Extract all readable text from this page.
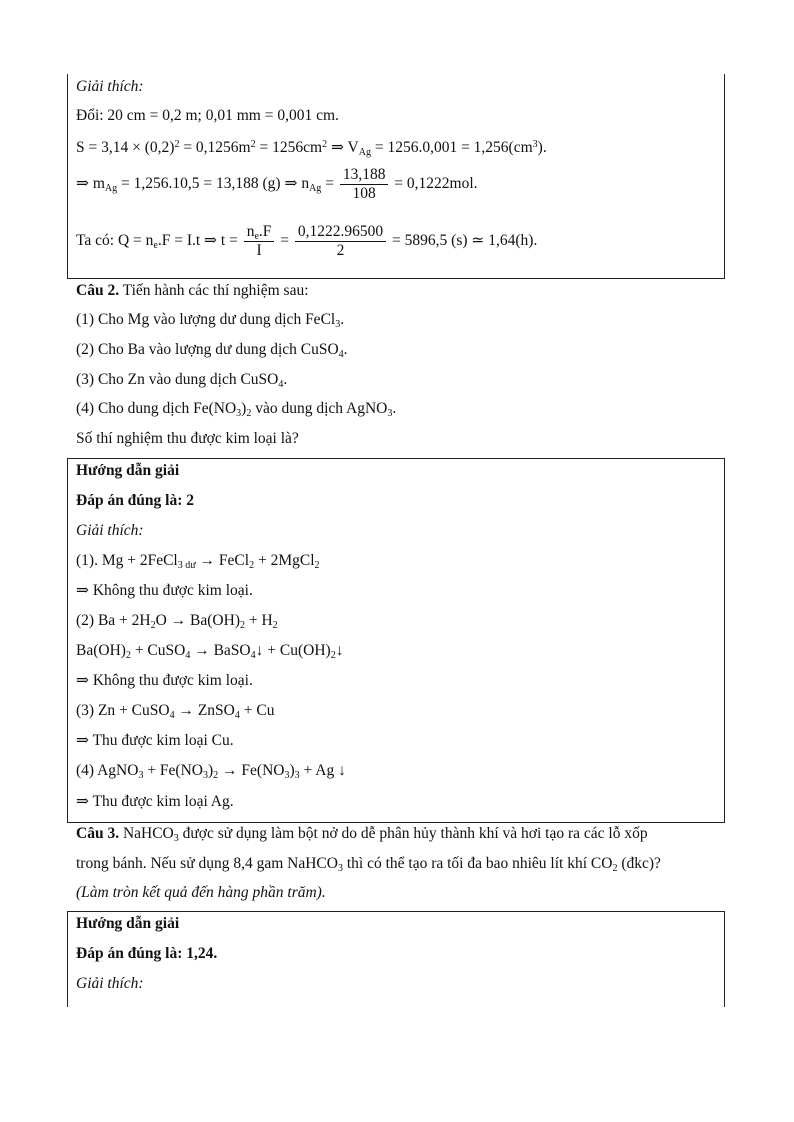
Giải thích:
Đổi: 20 cm = 0,2 m; 0,01 mm = 0,001 cm.
$S = 3,14 \times (0,2)^2 = 0,1256m^2 = 1256cm^2$ ⇒ $V_{Ag} = 1256.0,001 = 1,256(cm^3)$.
⇒ $m_{Ag} = 1,256.10,5 = 13,188$ (g) ⇒ $n_{Ag} = \frac{13,188}{108} = 0,1222mol$.
Ta có: $Q = n_e.F = I.t$ ⇒ $t = \frac{n_e.F}{I} = \frac{0,1222.96500}{2} = 5896,5$ (s) ≃ 1,64(h).
Câu 2. Tiến hành các thí nghiệm sau:
(1) Cho Mg vào lượng dư dung dịch FeCl$_3$.
(2) Cho Ba vào lượng dư dung dịch CuSO$_4$.
(3) Cho Zn vào dung dịch CuSO$_4$.
(4) Cho dung dịch $Fe(NO_3)_2$ vào dung dịch AgNO$_3$.
Số thí nghiệm thu được kim loại là?
Hướng dẫn giải
Đáp án đúng là: 2
Giải thích:
(1). Mg + 2FeCl$_{3 dư}$ → FeCl$_2$ + 2MgCl$_2$
⇒ Không thu được kim loại.
(2) $Ba + 2H_2O \to Ba(OH)_2 + H_2$
$Ba(OH)_2$ + CuSO$_4$ → BaSO$_4$↓ + $Cu(OH)_2↓$
⇒ Không thu được kim loại.
(3) Zn + CuSO$_4$ → ZnSO$_4$ + Cu
⇒ Thu được kim loại Cu.
(4) AgNO$_3$ + $Fe(NO_3)_2 \to Fe(NO_3)_3 + Ag$ ↓
⇒ Thu được kim loại Ag.
Câu 3. NaHCO$_3$ được sử dụng làm bột nở do dễ phân hủy thành khí và hơi tạo ra các lỗ xốp
trong bánh. Nếu sử dụng 8,4 gam NaHCO$_3$ thì có thể tạo ra tối đa bao nhiêu lít khí $CO_2$ (đkc)?
(Làm tròn kết quả đến hàng phần trăm).
Hướng dẫn giải
Đáp án đúng là: 1,24.
Giải thích:
